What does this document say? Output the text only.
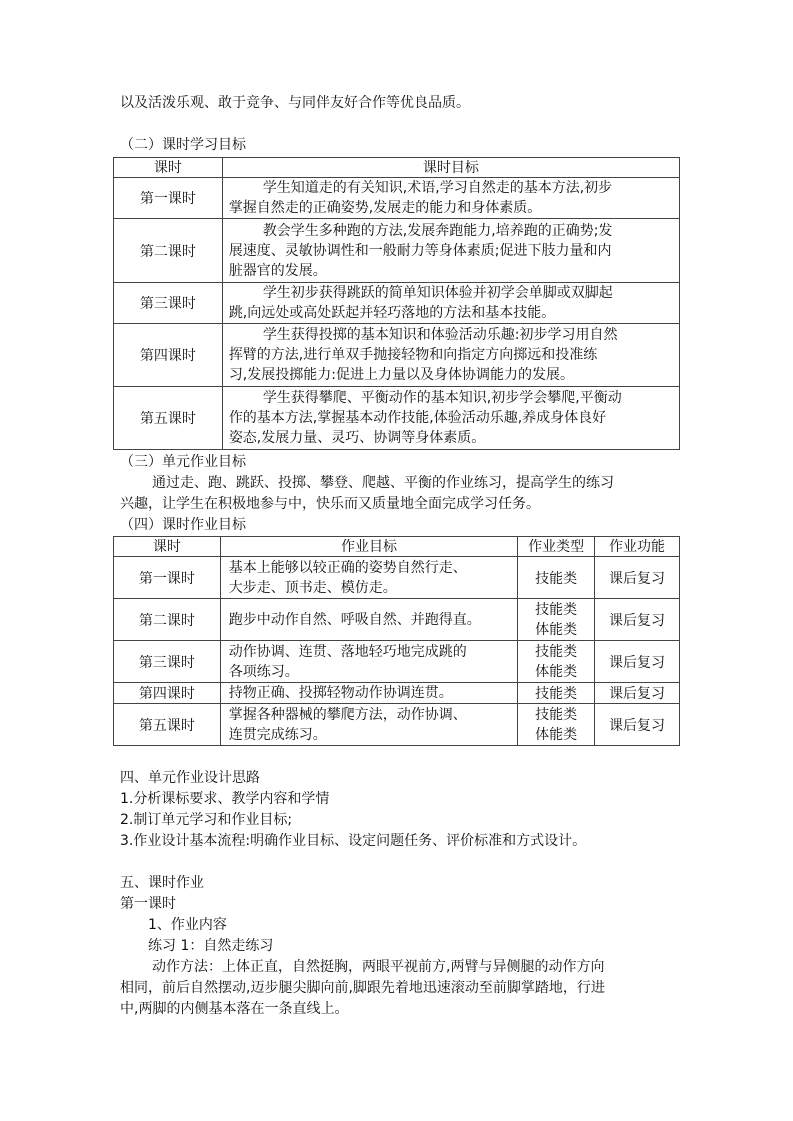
以及活泼乐观、敢于竞争、与同伴友好合作等优良品质。
（二）课时学习目标
课时	课时目标
第一课时	学生知道走的有关知识,术语,学习自然走的基本方法,初步
掌握自然走的正确姿势,发展走的能力和身体素质。
第二课时	教会学生多种跑的方法,发展奔跑能力,培养跑的正确势;发
展速度、灵敏协调性和一般耐力等身体素质;促进下肢力量和内
脏器官的发展。
第三课时	学生初步获得跳跃的简单知识体验并初学会单脚或双脚起
跳,向远处或高处跃起并轻巧落地的方法和基本技能。
第四课时	学生获得投掷的基本知识和体验活动乐趣:初步学习用自然
挥臂的方法,进行单双手抛接轻物和向指定方向掷远和投准练
习,发展投掷能力:促进上力量以及身体协调能力的发展。
第五课时	学生获得攀爬、平衡动作的基本知识,初步学会攀爬,平衡动
作的基本方法,掌握基本动作技能,体验活动乐趣,养成身体良好
姿态,发展力量、灵巧、协调等身体素质。
（三）单元作业目标
通过走、跑、跳跃、投掷、攀登、爬越、平衡的作业练习，提高学生的练习
兴趣，让学生在积极地参与中，快乐而又质量地全面完成学习任务。
（四）课时作业目标
课时	作业目标	作业类型	作业功能
第一课时	基本上能够以较正确的姿势自然行走、
大步走、顶书走、模仿走。	技能类	课后复习
第二课时	跑步中动作自然、呼吸自然、并跑得直。	技能类
体能类	课后复习
第三课时	动作协调、连贯、落地轻巧地完成跳的
各项练习。	技能类
体能类	课后复习
第四课时	持物正确、投掷轻物动作协调连贯。	技能类	课后复习
第五课时	掌握各种器械的攀爬方法，动作协调、
连贯完成练习。	技能类
体能类	课后复习
四、单元作业设计思路
1.分析课标要求、教学内容和学情
2.制订单元学习和作业目标;
3.作业设计基本流程:明确作业目标、设定问题任务、评价标准和方式设计。
五、课时作业
第一课时
1、作业内容
练习 1：自然走练习
动作方法：上体正直，自然挺胸，两眼平视前方,两臂与异侧腿的动作方向
相同，前后自然摆动,迈步腿尖脚向前,脚跟先着地迅速滚动至前脚掌踏地，行进
中,两脚的内侧基本落在一条直线上。
